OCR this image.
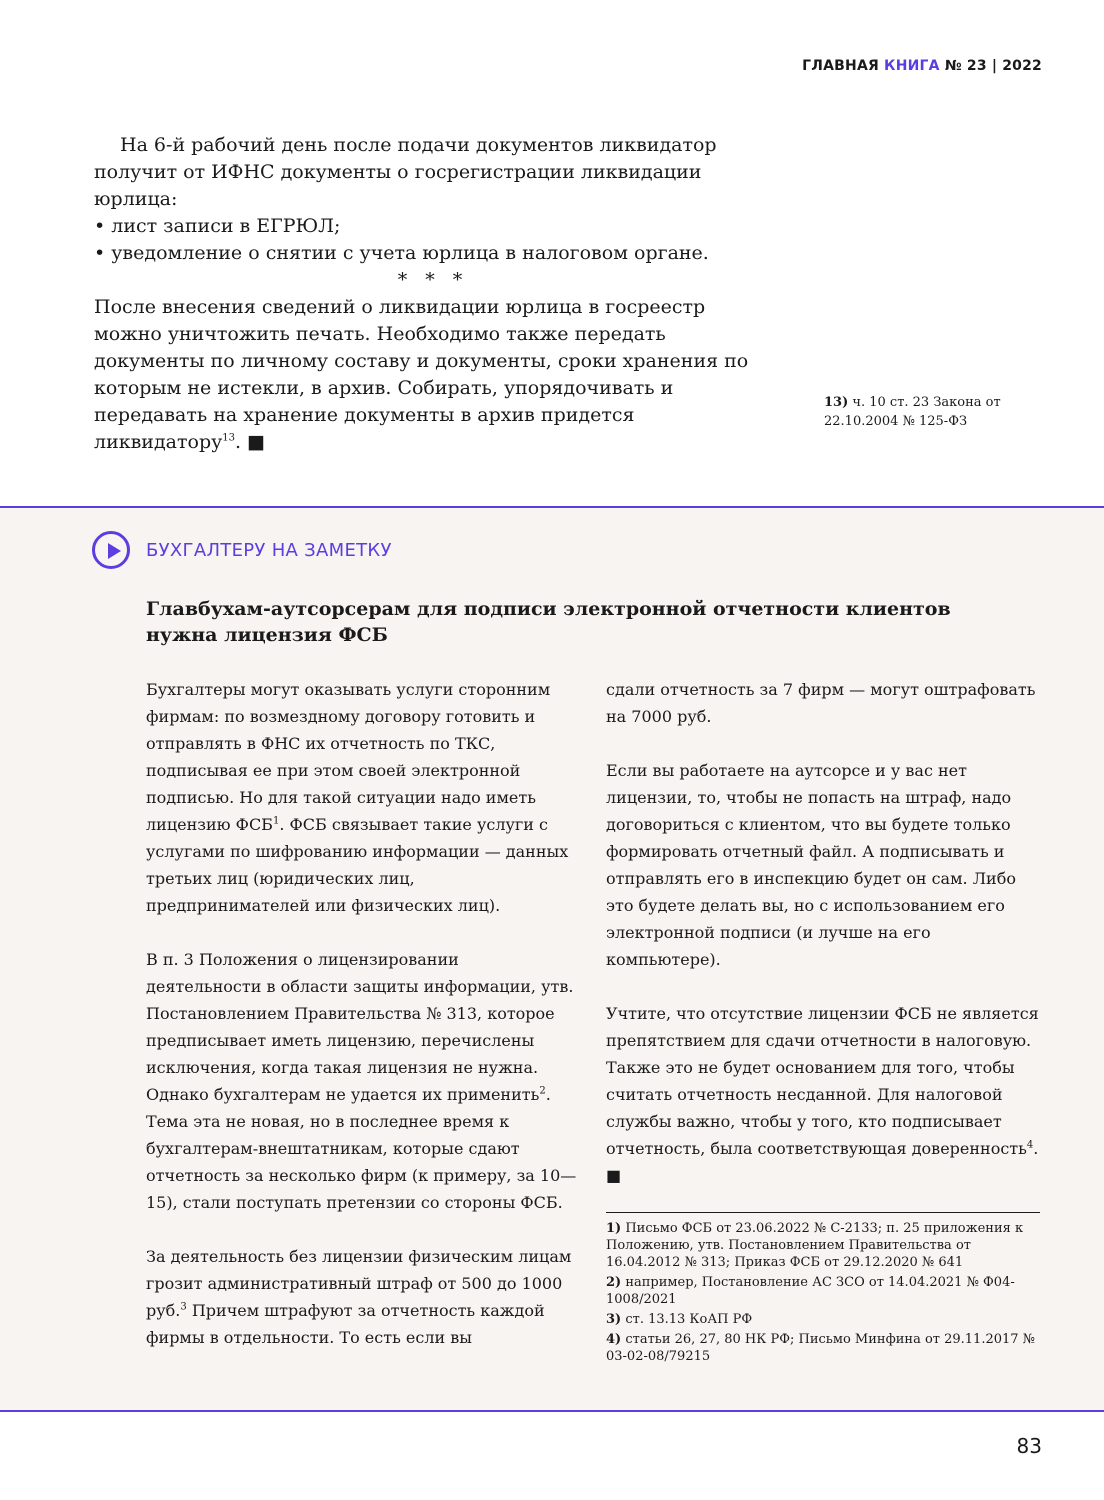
ГЛАВНАЯ КНИГА № 23 | 2022

На 6-й рабочий день после подачи документов ликвидатор получит от ИФНС документы о госрегистрации ликвидации юрлица:

• лист записи в ЕГРЮЛ;

• уведомление о снятии с учета юрлица в налоговом органе.

* * *

После внесения сведений о ликвидации юрлица в госреестр можно уничтожить печать. Необходимо также передать документы по личному составу и документы, сроки хранения по которым не истекли, в архив. Собирать, упорядочивать и передавать на хранение документы в архив придется ликвидатору$^{13}$. ■

13) ч. 10 ст. 23 Закона от 22.10.2004 № 125-ФЗ
БУХГАЛТЕРУ НА ЗАМЕТКУ
Главбухам-аутсорсерам для подписи электронной отчетности клиентов нужна лицензия ФСБ

Бухгалтеры могут оказывать услуги сторонним фирмам: по возмездному договору готовить и отправлять в ФНС их отчетность по ТКС, подписывая ее при этом своей электронной подписью. Но для такой ситуации надо иметь лицензию ФСБ$^1$. ФСБ связывает такие услуги с услугами по шифрованию информации — данных третьих лиц (юридических лиц, предпринимателей или физических лиц).

В п. 3 Положения о лицензировании деятельности в области защиты информации, утв. Постановлением Правительства № 313, которое предписывает иметь лицензию, перечислены исключения, когда такая лицензия не нужна. Однако бухгалтерам не удается их применить$^2$. Тема эта не новая, но в последнее время к бухгалтерам-внештатникам, которые сдают отчетность за несколько фирм (к примеру, за 10—15), стали поступать претензии со стороны ФСБ.

За деятельность без лицензии физическим лицам грозит административный штраф от 500 до 1000 руб.$^3$ Причем штрафуют за отчетность каждой фирмы в отдельности. То есть если вы

сдали отчетность за 7 фирм — могут оштрафовать на 7000 руб.

Если вы работаете на аутсорсе и у вас нет лицензии, то, чтобы не попасть на штраф, надо договориться с клиентом, что вы будете только формировать отчетный файл. А подписывать и отправлять его в инспекцию будет он сам. Либо это будете делать вы, но с использованием его электронной подписи (и лучше на его компьютере).

Учтите, что отсутствие лицензии ФСБ не является препятствием для сдачи отчетности в налоговую. Также это не будет основанием для того, чтобы считать отчетность несданной. Для налоговой службы важно, чтобы у того, кто подписывает отчетность, была соответствующая доверенность$^4$. ■

1) Письмо ФСБ от 23.06.2022 № С-2133; п. 25 приложения к Положению, утв. Постановлением Правительства от 16.04.2012 № 313; Приказ ФСБ от 29.12.2020 № 641
2) например, Постановление АС ЗСО от 14.04.2021 № Ф04-1008/2021
3) ст. 13.13 КоАП РФ
4) статьи 26, 27, 80 НК РФ; Письмо Минфина от 29.11.2017 № 03-02-08/79215
83
